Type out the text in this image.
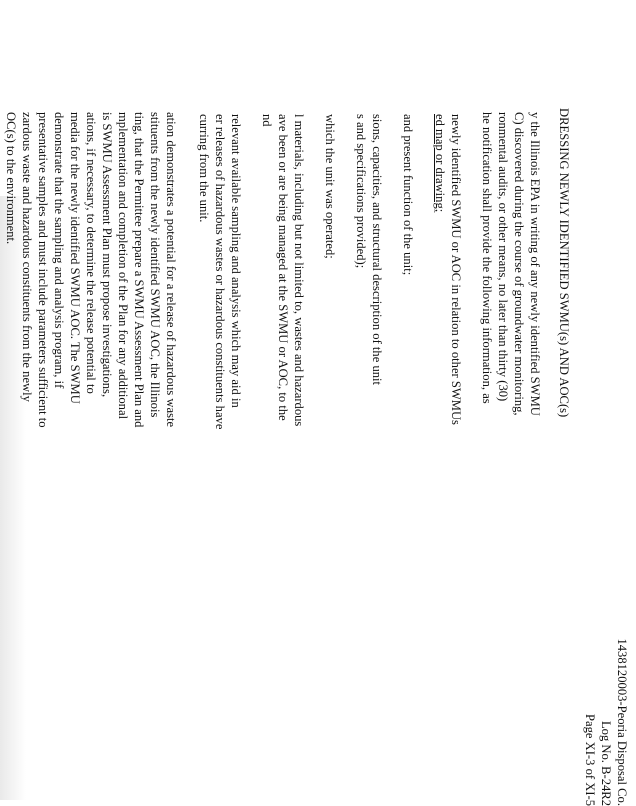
1438120003-Peoria Disposal Co.
Log No. B-24R2
Page XI-3 of XI-5
DRESSING NEWLY IDENTIFIED SWMU(s) AND AOC(s)
y the Illinois EPA in writing of any newly identified SWMU
C) discovered during the course of groundwater monitoring,
ronmental audits, or other means, no later than thirty (30)
he notification shall provide the following information, as
newly identified SWMU or AOC in relation to other SWMUs
ed map or drawing;
and present function of the unit;
sions, capacities, and structural description of the unit
s and specifications provided);
which the unit was operated;
l materials, including but not limited to, wastes and hazardous
ave been or are being managed at the SWMU or AOC, to the
nd
relevant available sampling and analysis which may aid in
er releases of hazardous wastes or hazardous constituents have
curring from the unit.
ation demonstrates a potential for a release of hazardous waste
stituents from the newly identified SWMU AOC, the Illinois
ting, that the Permittee prepare a SWMU Assessment Plan and
mplementation and completion of the Plan for any additional
is SWMU Assessment Plan must propose investigations,
ations, if necessary, to determine the release potential to
media for the newly identified SWMU AOC. The SWMU
demonstrate that the sampling and analysis program, if
presentative samples and must include parameters sufficient to
zardous waste and hazardous constituents from the newly
OC(s) to the environment.
